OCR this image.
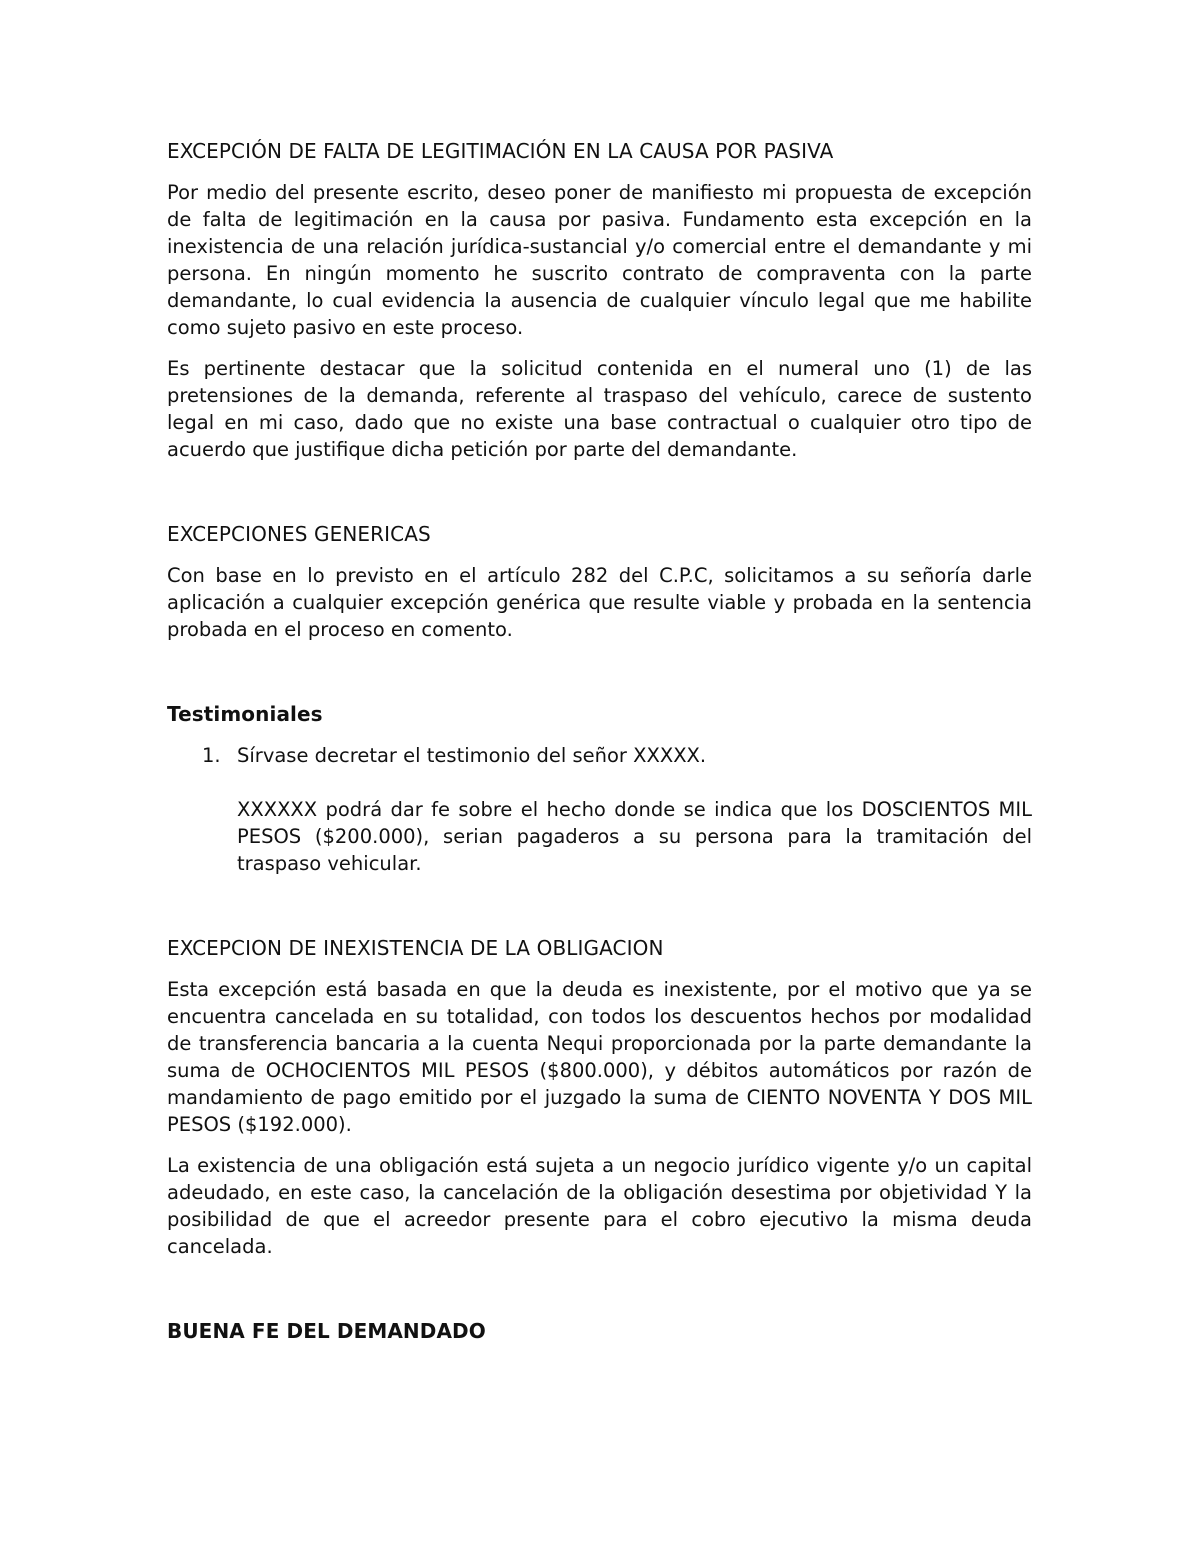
EXCEPCIÓN DE FALTA DE LEGITIMACIÓN EN LA CAUSA POR PASIVA

Por medio del presente escrito, deseo poner de manifiesto mi propuesta de excepción de falta de legitimación en la causa por pasiva. Fundamento esta excepción en la inexistencia de una relación jurídica-sustancial y/o comercial entre el demandante y mi persona. En ningún momento he suscrito contrato de compraventa con la parte demandante, lo cual evidencia la ausencia de cualquier vínculo legal que me habilite como sujeto pasivo en este proceso.

Es pertinente destacar que la solicitud contenida en el numeral uno (1) de las pretensiones de la demanda, referente al traspaso del vehículo, carece de sustento legal en mi caso, dado que no existe una base contractual o cualquier otro tipo de acuerdo que justifique dicha petición por parte del demandante.

EXCEPCIONES GENERICAS

Con base en lo previsto en el artículo 282 del C.P.C, solicitamos a su señoría darle aplicación a cualquier excepción genérica que resulte viable y probada en la sentencia probada en el proceso en comento.

Testimoniales
1. Sírvase decretar el testimonio del señor XXXXX.

XXXXXX podrá dar fe sobre el hecho donde se indica que los DOSCIENTOS MIL PESOS ($200.000), serian pagaderos a su persona para la tramitación del traspaso vehicular.

EXCEPCION DE INEXISTENCIA DE LA OBLIGACION

Esta excepción está basada en que la deuda es inexistente, por el motivo que ya se encuentra cancelada en su totalidad, con todos los descuentos hechos por modalidad de transferencia bancaria a la cuenta Nequi proporcionada por la parte demandante la suma de OCHOCIENTOS MIL PESOS ($800.000), y débitos automáticos por razón de mandamiento de pago emitido por el juzgado la suma de CIENTO NOVENTA Y DOS MIL PESOS ($192.000).

La existencia de una obligación está sujeta a un negocio jurídico vigente y/o un capital adeudado, en este caso, la cancelación de la obligación desestima por objetividad Y la posibilidad de que el acreedor presente para el cobro ejecutivo la misma deuda cancelada.

BUENA FE DEL DEMANDADO
